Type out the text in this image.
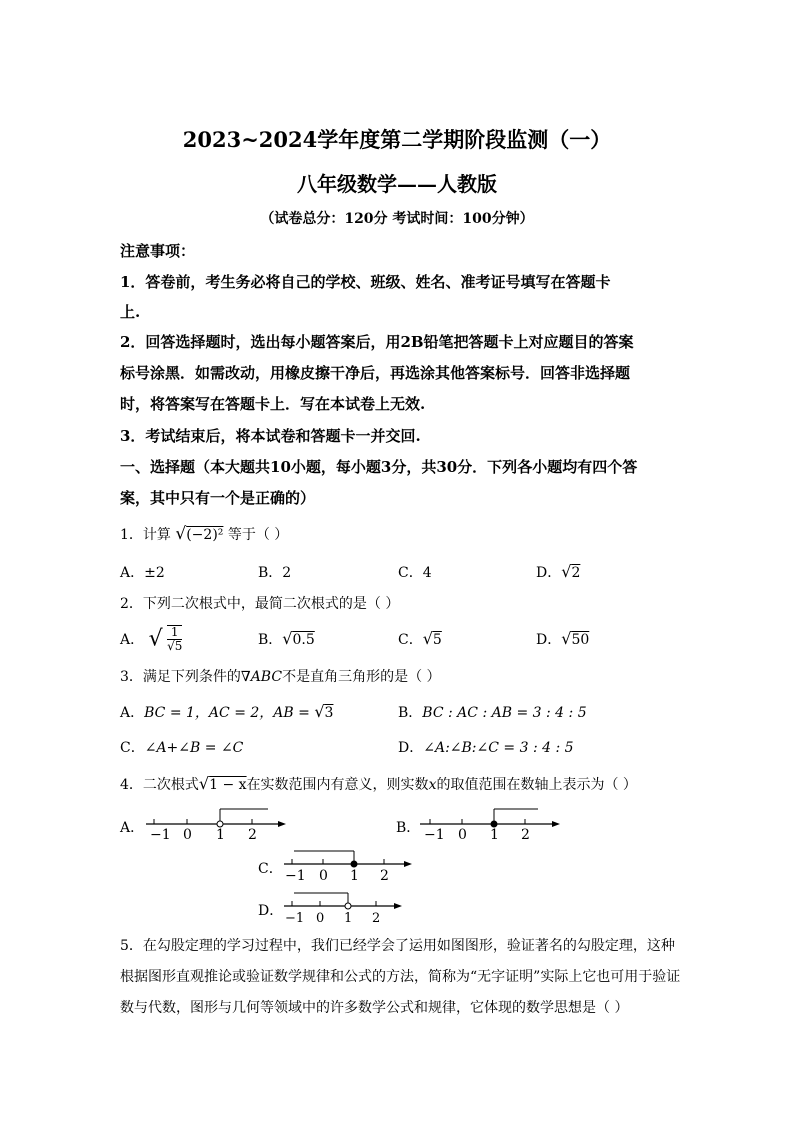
2023~2024学年度第二学期阶段监测（一）
八年级数学——人教版
（试卷总分：120分 考试时间：100分钟）
注意事项：
1．答卷前，考生务必将自己的学校、班级、姓名、准考证号填写在答题卡
上.
2．回答选择题时，选出每小题答案后，用2B铅笔把答题卡上对应题目的答案
标号涂黑．如需改动，用橡皮擦干净后，再选涂其他答案标号．回答非选择题
时，将答案写在答题卡上．写在本试卷上无效.
3．考试结束后，将本试卷和答题卡一并交回.
一、选择题（本大题共10小题，每小题3分，共30分．下列各小题均有四个答
案，其中只有一个是正确的）
1．计算 √(−2)² 等于（ ）
A．±2	B．2	C．4	D．√2
2．下列二次根式中，最简二次根式的是（ ）
A． √ $\frac{1}{√5}$	B．√0.5	C．√5	D．√50
3．满足下列条件的∇ABC不是直角三角形的是（ ）
A．BC = 1，AC = 2，AB = √3	B．BC : AC : AB = 3 : 4 : 5
C．∠A+∠B = ∠C	D．∠A:∠B:∠C = 3 : 4 : 5
4．二次根式√1 − x在实数范围内有意义，则实数x的取值范围在数轴上表示为（ ）
A．	B．
C．
D．
−1 0 1 2	−1 0 1 2
−1 0 1 2
−1 0 1 2
5．在勾股定理的学习过程中，我们已经学会了运用如图图形，验证著名的勾股定理，这种
根据图形直观推论或验证数学规律和公式的方法，简称为“无字证明”实际上它也可用于验证
数与代数，图形与几何等领域中的许多数学公式和规律，它体现的数学思想是（ ）
